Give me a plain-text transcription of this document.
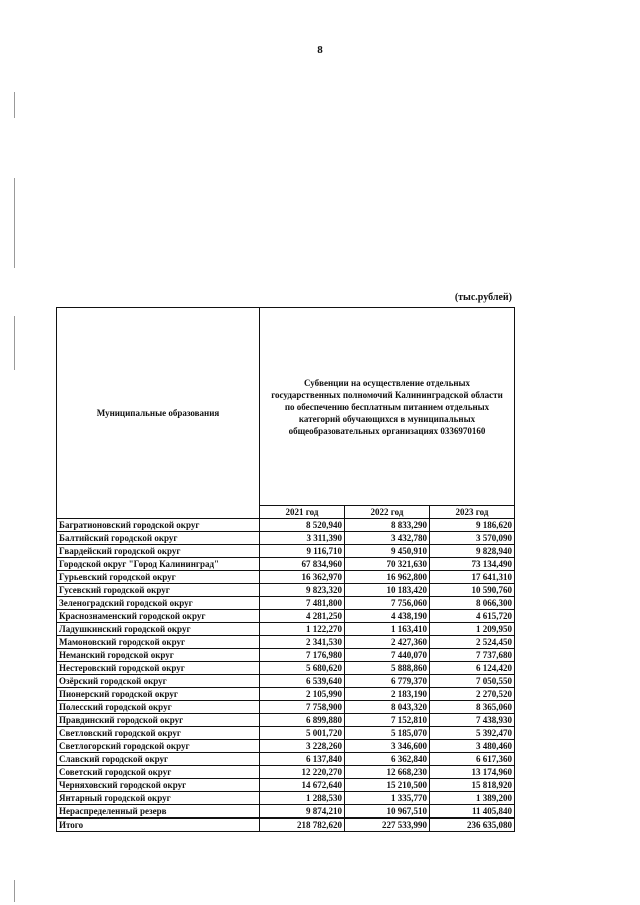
8
(тыс.рублей)
Муниципальные образования	Субвенции на осуществление отдельных государственных полномочий Калининградской области по обеспечению бесплатным питанием отдельных категорий обучающихся в муниципальных общеобразовательных организациях 0336970160		

	2021 год	2022 год	2023 год
Багратионовский городской округ	8 520,940	8 833,290	9 186,620
Балтийский городской округ	3 311,390	3 432,780	3 570,090
Гвардейский городской округ	9 116,710	9 450,910	9 828,940
Городской округ "Город Калининград"	67 834,960	70 321,630	73 134,490
Гурьевский городской округ	16 362,970	16 962,800	17 641,310
Гусевский городской округ	9 823,320	10 183,420	10 590,760
Зеленоградский городской округ	7 481,800	7 756,060	8 066,300
Краснознаменский городской округ	4 281,250	4 438,190	4 615,720
Ладушкинский городской округ	1 122,270	1 163,410	1 209,950
Мамоновский городской округ	2 341,530	2 427,360	2 524,450
Неманский городской округ	7 176,980	7 440,070	7 737,680
Нестеровский городской округ	5 680,620	5 888,860	6 124,420
Озёрский городской округ	6 539,640	6 779,370	7 050,550
Пионерский городской округ	2 105,990	2 183,190	2 270,520
Полесский городской округ	7 758,900	8 043,320	8 365,060
Правдинский городской округ	6 899,880	7 152,810	7 438,930
Светловский городской округ	5 001,720	5 185,070	5 392,470
Светлогорский городской округ	3 228,260	3 346,600	3 480,460
Славский городской округ	6 137,840	6 362,840	6 617,360
Советский городской округ	12 220,270	12 668,230	13 174,960
Черняховский городской округ	14 672,640	15 210,500	15 818,920
Янтарный городской округ	1 288,530	1 335,770	1 389,200
Нераспределенный резерв	9 874,210	10 967,510	11 405,840
Итого	218 782,620	227 533,990	236 635,080
